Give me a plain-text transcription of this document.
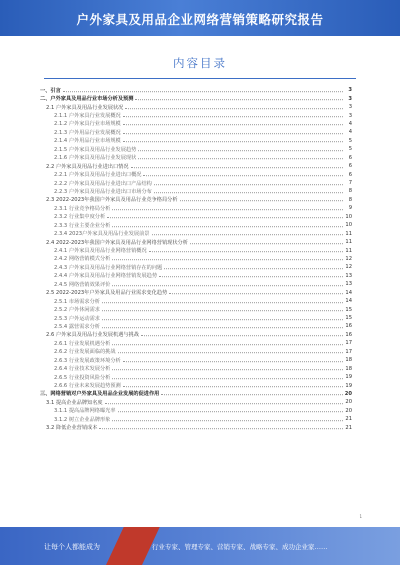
户外家具及用品企业网络营销策略研究报告
内容目录
一、引言	3
二、户外家具及用品行业市场分析及预测	3
2.1 户外家具及用品行业发展状况	3
2.1.1 户外家具行业发展概况	3
2.1.2 户外家具行业市场规模	4
2.1.3 户外用品行业发展概况	4
2.1.4 户外用品行业市场规模	5
2.1.5 户外家具及用品行业发展趋势	5
2.1.6 户外家具及用品行业发展现状	6
2.2 户外家具及用品行业进出口情况	6
2.2.1 户外家具及用品行业进出口概况	6
2.2.2 户外家具及用品行业进出口产品结构	7
2.2.3 户外家具及用品行业进出口市场分布	8
2.3 2022-2023年我国户外家具及用品行业竞争格局分析	8
2.3.1 行业竞争格局分析	9
2.3.2 行业集中度分析	10
2.3.3 行业主要企业分析	10
2.3.4 2023户外家具及用品行业发展前景	11
2.4 2022-2023年我国户外家具及用品行业网络营销现状分析	11
2.4.1 户外家具及用品行业网络营销概况	11
2.4.2 网络营销模式分析	12
2.4.3 户外家具及用品行业网络营销存在的问题	12
2.4.4 户外家具及用品行业网络营销发展趋势	13
2.4.5 网络营销效果评价	13
2.5 2022-2023年户外家具及用品行业需求变化趋势	14
2.5.1 市场需求分析	14
2.5.2 户外休闲需求	15
2.5.3 户外运动需求	15
2.5.4 露营需求分析	16
2.6 户外家具及用品行业发展机遇与挑战	16
2.6.1 行业发展机遇分析	17
2.6.2 行业发展面临的挑战	17
2.6.3 行业发展政策环境分析	18
2.6.4 行业技术发展分析	18
2.6.5 行业投资风险分析	19
2.6.6 行业未来发展趋势预测	19
三、网络营销对户外家具及用品企业发展的促进作用	20
3.1 提高企业品牌知名度	20
3.1.1 提高品牌网络曝光率	20
3.1.2 树立企业品牌形象	21
3.2 降低企业营销成本	21
1
让每个人都能成为	行业专家、管理专家、营销专家、战略专家、成功企业家……
